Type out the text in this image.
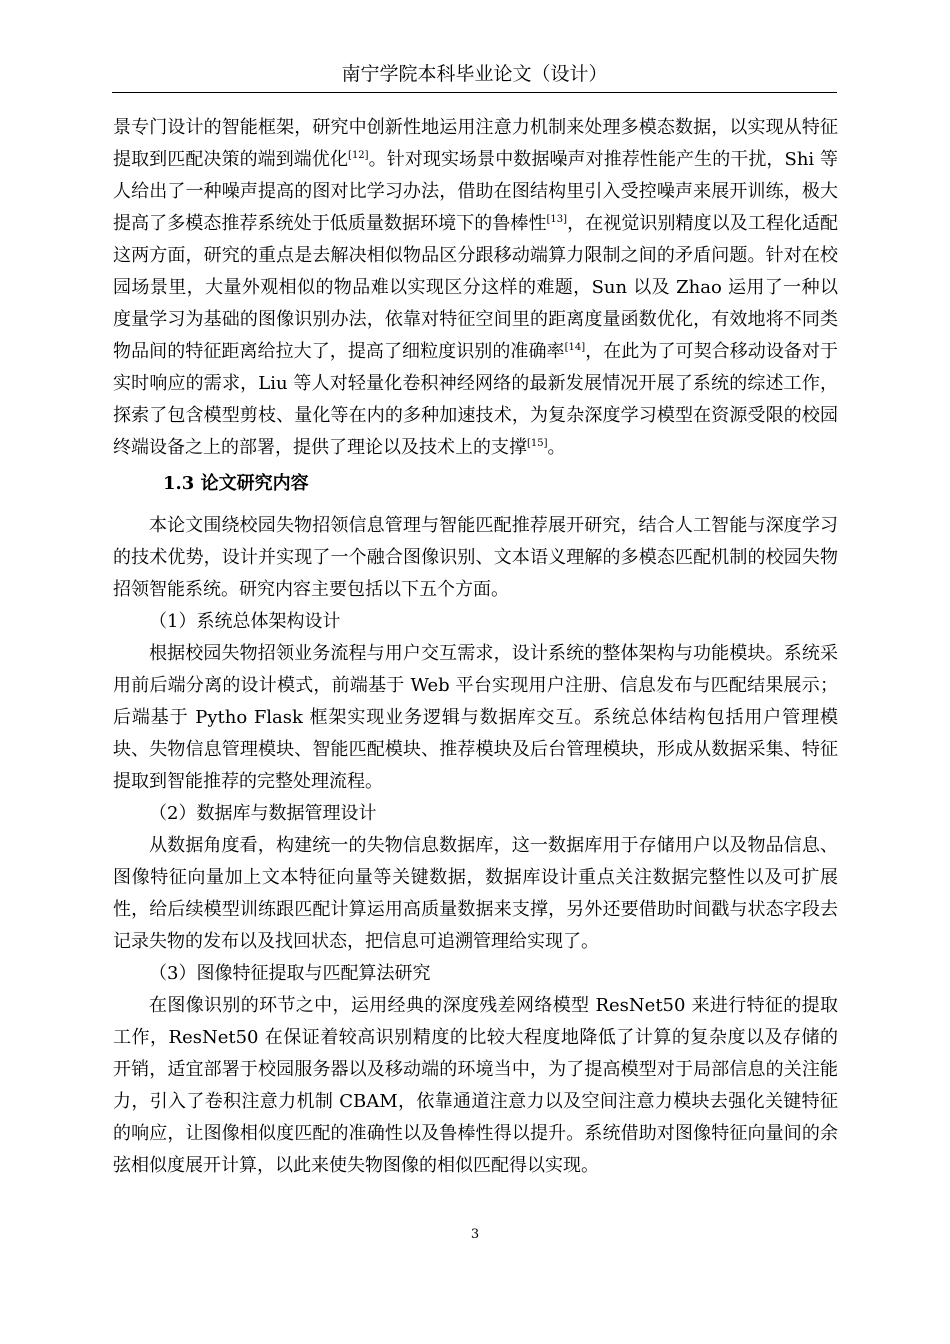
南宁学院本科毕业论文（设计）

景专门设计的智能框架，研究中创新性地运用注意力机制来处理多模态数据，以实现从特征提取到匹配决策的端到端优化[12]。针对现实场景中数据噪声对推荐性能产生的干扰，Shi 等人给出了一种噪声提高的图对比学习办法，借助在图结构里引入受控噪声来展开训练，极大提高了多模态推荐系统处于低质量数据环境下的鲁棒性[13]，在视觉识别精度以及工程化适配这两方面，研究的重点是去解决相似物品区分跟移动端算力限制之间的矛盾问题。针对在校园场景里，大量外观相似的物品难以实现区分这样的难题，Sun 以及 Zhao 运用了一种以度量学习为基础的图像识别办法，依靠对特征空间里的距离度量函数优化，有效地将不同类物品间的特征距离给拉大了，提高了细粒度识别的准确率[14]，在此为了可契合移动设备对于实时响应的需求，Liu 等人对轻量化卷积神经网络的最新发展情况开展了系统的综述工作，探索了包含模型剪枝、量化等在内的多种加速技术，为复杂深度学习模型在资源受限的校园终端设备之上的部署，提供了理论以及技术上的支撑[15]。

1.3 论文研究内容

本论文围绕校园失物招领信息管理与智能匹配推荐展开研究，结合人工智能与深度学习的技术优势，设计并实现了一个融合图像识别、文本语义理解的多模态匹配机制的校园失物招领智能系统。研究内容主要包括以下五个方面。

（1）系统总体架构设计

根据校园失物招领业务流程与用户交互需求，设计系统的整体架构与功能模块。系统采用前后端分离的设计模式，前端基于 Web 平台实现用户注册、信息发布与匹配结果展示；后端基于 Pytho Flask 框架实现业务逻辑与数据库交互。系统总体结构包括用户管理模块、失物信息管理模块、智能匹配模块、推荐模块及后台管理模块，形成从数据采集、特征提取到智能推荐的完整处理流程。

（2）数据库与数据管理设计

从数据角度看，构建统一的失物信息数据库，这一数据库用于存储用户以及物品信息、图像特征向量加上文本特征向量等关键数据，数据库设计重点关注数据完整性以及可扩展性，给后续模型训练跟匹配计算运用高质量数据来支撑，另外还要借助时间戳与状态字段去记录失物的发布以及找回状态，把信息可追溯管理给实现了。

（3）图像特征提取与匹配算法研究

在图像识别的环节之中，运用经典的深度残差网络模型 ResNet50 来进行特征的提取工作，ResNet50 在保证着较高识别精度的比较大程度地降低了计算的复杂度以及存储的开销，适宜部署于校园服务器以及移动端的环境当中，为了提高模型对于局部信息的关注能力，引入了卷积注意力机制 CBAM，依靠通道注意力以及空间注意力模块去强化关键特征的响应，让图像相似度匹配的准确性以及鲁棒性得以提升。系统借助对图像特征向量间的余弦相似度展开计算，以此来使失物图像的相似匹配得以实现。

3
